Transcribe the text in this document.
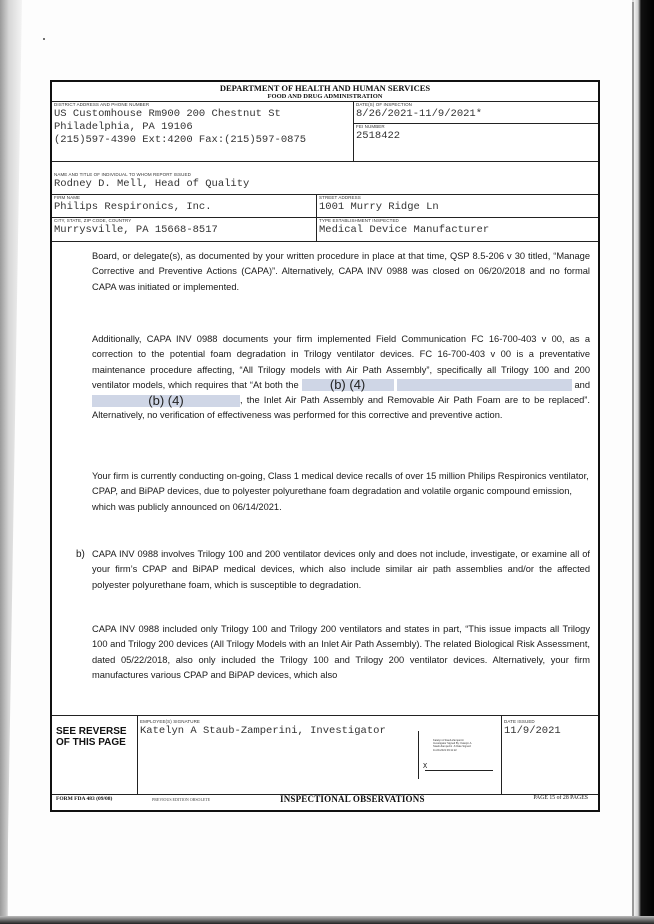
DEPARTMENT OF HEALTH AND HUMAN SERVICES
FOOD AND DRUG ADMINISTRATION
DISTRICT ADDRESS AND PHONE NUMBER
US Customhouse Rm900 200 Chestnut St
Philadelphia, PA 19106
(215)597-4390 Ext:4200 Fax:(215)597-0875
DATE(S) OF INSPECTION
8/26/2021-11/9/2021*
FEI NUMBER
2518422
NAME AND TITLE OF INDIVIDUAL TO WHOM REPORT ISSUED
Rodney D. Mell, Head of Quality
FIRM NAME
Philips Respironics, Inc.
STREET ADDRESS
1001 Murry Ridge Ln
CITY, STATE, ZIP CODE, COUNTRY
Murrysville, PA 15668-8517
TYPE ESTABLISHMENT INSPECTED
Medical Device Manufacturer

Board, or delegate(s), as documented by your written procedure in place at that time, QSP 8.5-206 v 30 titled, “Manage Corrective and Preventive Actions (CAPA)”. Alternatively, CAPA INV 0988 was closed on 06/20/2018 and no formal CAPA was initiated or implemented.

Additionally, CAPA INV 0988 documents your firm implemented Field Communication FC 16-700-403 v 00, as a correction to the potential foam degradation in Trilogy ventilator devices. FC 16-700-403 v 00 is a preventative maintenance procedure affecting, “All Trilogy models with Air Path Assembly”, specifically all Trilogy 100 and 200 ventilator models, which requires that “At both the (b) (4)	and (b) (4)	, the Inlet Air Path Assembly and Removable Air Path Foam are to be replaced”. Alternatively, no verification of effectiveness was performed for this corrective and preventive action.

Your firm is currently conducting on-going, Class 1 medical device recalls of over 15 million Philips Respironics ventilator, CPAP, and BiPAP devices, due to polyester polyurethane foam degradation and volatile organic compound emission, which was publicly announced on 06/14/2021.

b) CAPA INV 0988 involves Trilogy 100 and 200 ventilator devices only and does not include, investigate, or examine all of your firm’s CPAP and BiPAP medical devices, which also include similar air path assemblies and/or the affected polyester polyurethane foam, which is susceptible to degradation.

CAPA INV 0988 included only Trilogy 100 and Trilogy 200 ventilators and states in part, “This issue impacts all Trilogy 100 and Trilogy 200 devices (All Trilogy Models with an Inlet Air Path Assembly). The related Biological Risk Assessment, dated 05/22/2018, also only included the Trilogy 100 and Trilogy 200 ventilator devices. Alternatively, your firm manufactures various CPAP and BiPAP devices, which also

SEE REVERSE
OF THIS PAGE
EMPLOYEE(S) SIGNATURE
Katelyn A Staub-Zamperini, Investigator
Katelyn A Staub-Zamperini Investigator Signed By: Katelyn A. Staub-Zamperini -S Date Signed: 11-09-2021 09:11:22
X
DATE ISSUED
11/9/2021
FORM FDA 483 (09/08)	PREVIOUS EDITION OBSOLETE	INSPECTIONAL OBSERVATIONS	PAGE 15 of 28 PAGES
